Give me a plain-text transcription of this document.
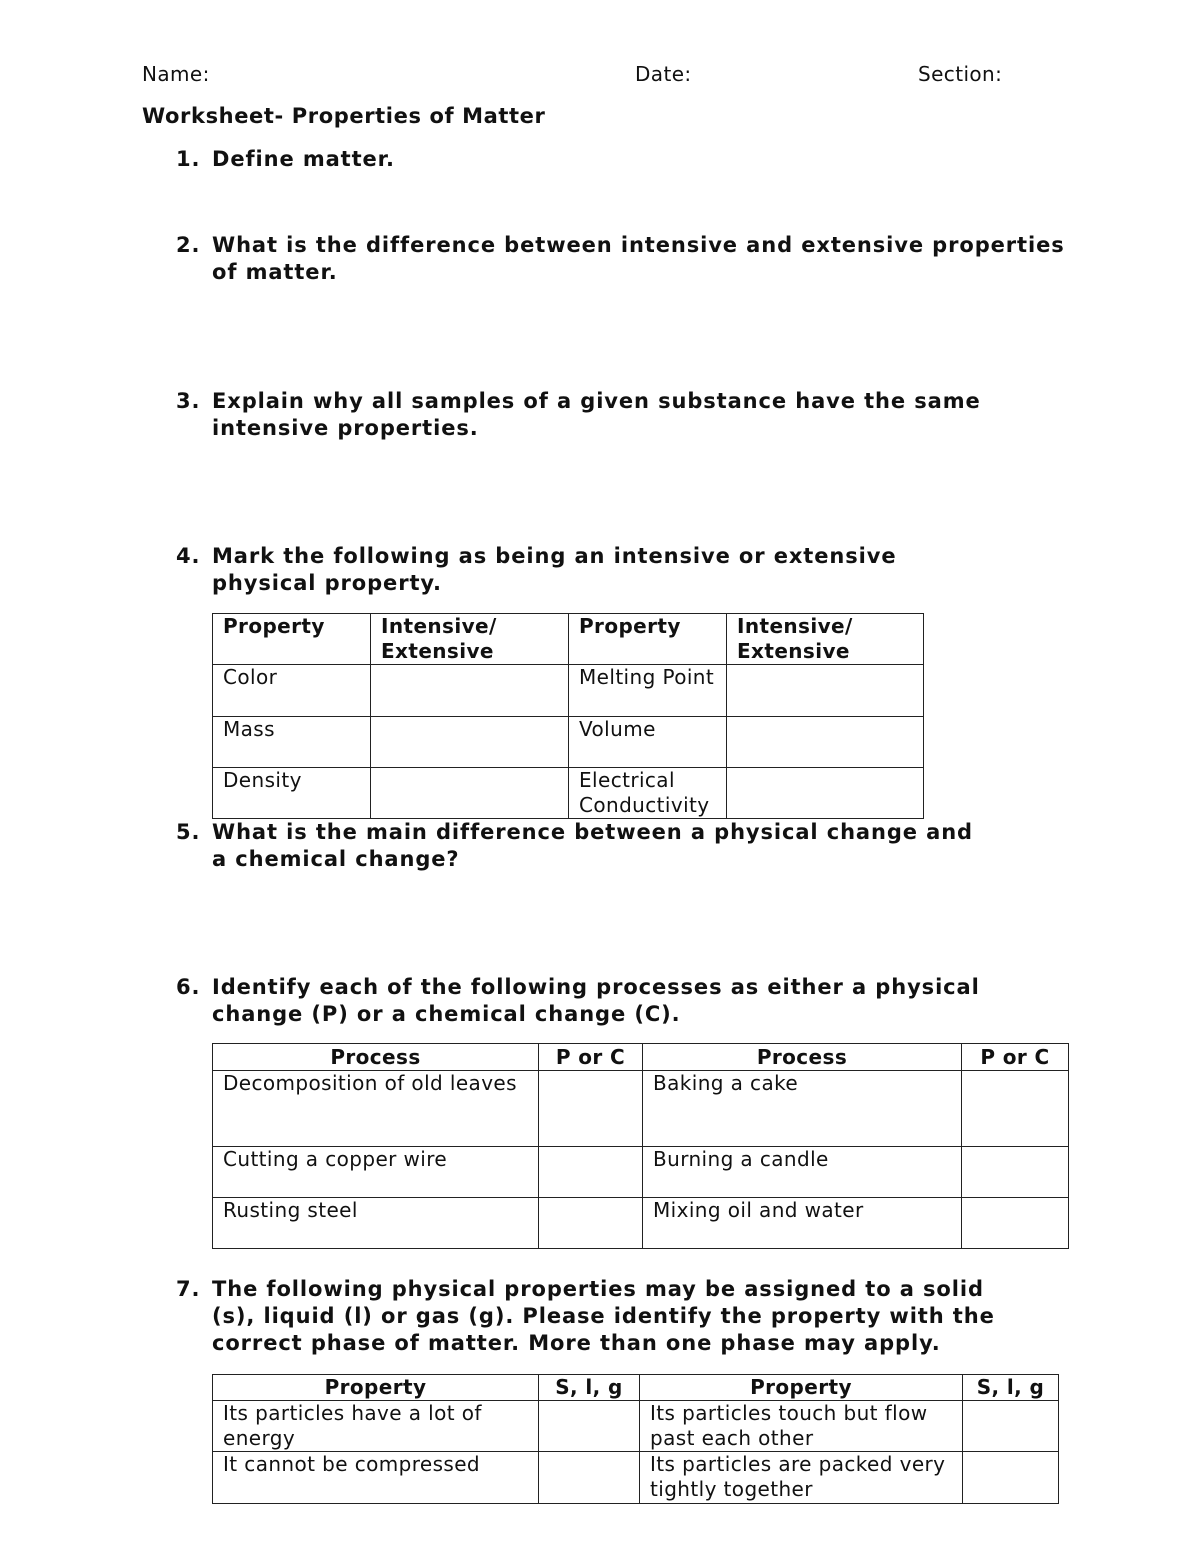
Name:	Date:	Section:
Worksheet- Properties of Matter
1. Define matter.
2. What is the difference between intensive and extensive properties of matter.
3. Explain why all samples of a given substance have the same intensive properties.
4. Mark the following as being an intensive or extensive physical property.
Property	Intensive/ Extensive	Property	Intensive/ Extensive
Color		Melting Point	
Mass		Volume	
Density		Electrical Conductivity	
5. What is the main difference between a physical change and a chemical change?
6. Identify each of the following processes as either a physical change (P) or a chemical change (C).
Process	P or C	Process	P or C
Decomposition of old leaves		Baking a cake	
Cutting a copper wire		Burning a candle	
Rusting steel		Mixing oil and water	
7. The following physical properties may be assigned to a solid (s), liquid (l) or gas (g). Please identify the property with the correct phase of matter. More than one phase may apply.
Property	S, l, g	Property	S, l, g
Its particles have a lot of energy		Its particles touch but flow past each other	
It cannot be compressed		Its particles are packed very tightly together	
